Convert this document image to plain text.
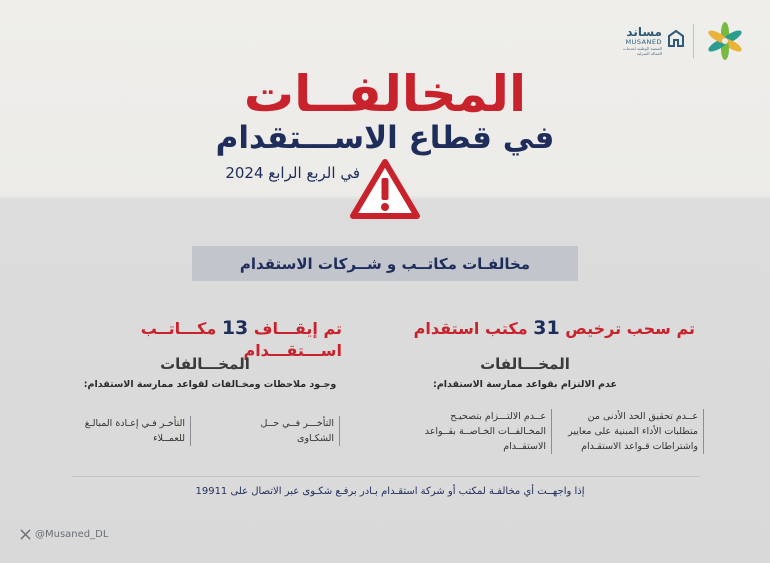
مساند
MUSANED
المنصة الوطنية لخدمات العمالة المنزلية
المخالفــات
في قطاع الاســـتقدام
في الربع الرابع 2024
مخالفـات مكاتــب و شــركات الاستقدام
تم سحب ترخيص 31 مكتب استقدام
المخـــالفات
عدم الالتزام بقواعد ممارسة الاستقدام:
عــدم تحقيق الحد الأدنى من متطلبات الأداء المبنية على معايير واشتراطات قـواعد الاستقـدام
عــدم الالتـــزام بتصحيـح المخـالفــات الخـاصــة بقــواعد الاستقــدام
تم إيقـــاف 13 مكـــاتــب اســـتقـــدام
المخـــالفات
وجـود ملاحظات ومخـالفات لقواعد ممارسة الاستقدام:
التأخـــر فــي حــل الشكـاوى
التأخـر فـي إعـادة المبالـغ للعمــلاء
إذا واجهــت أي مخالفـة لمكتب أو شركة استقـدام بـادر برفـع شكـوى عبر الاتصال على 19911
@Musaned_DL
